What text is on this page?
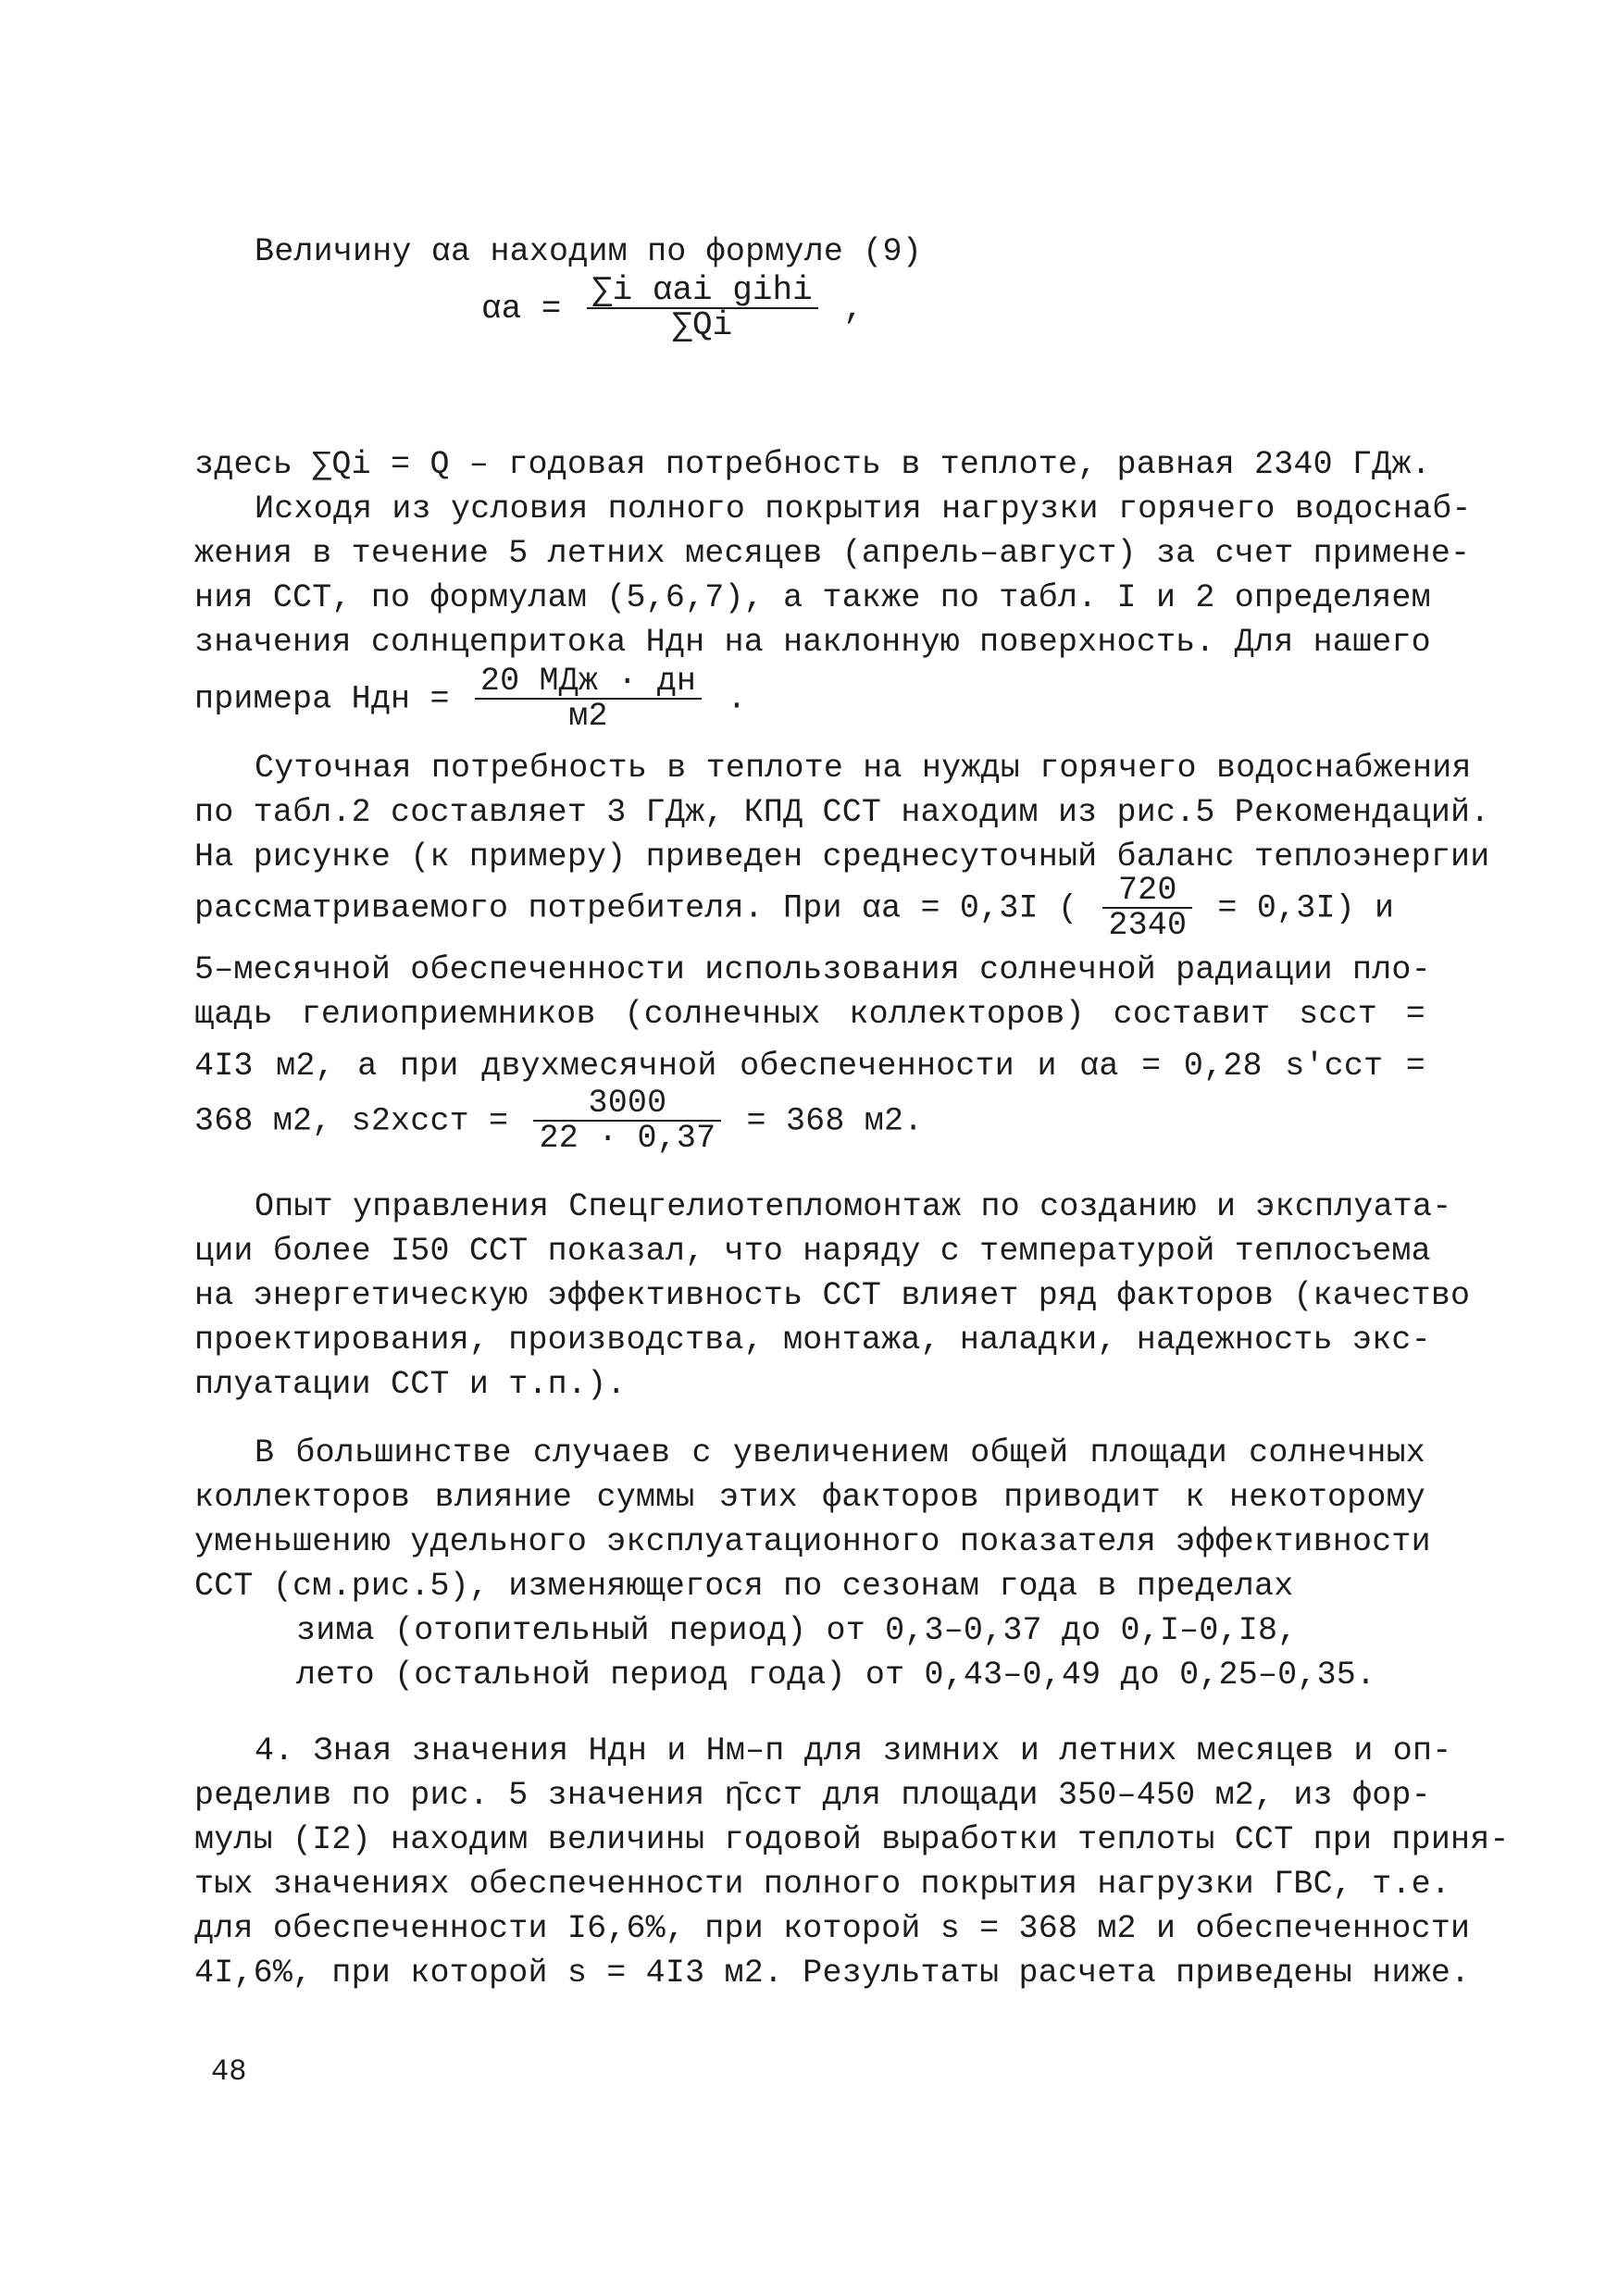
Величину αa находим по формуле (9)
$\alpha a = \frac{\text{∑i αai gihi}}{\sum Qi}$ ,
здесь ∑Qi = Q – годовая потребность в теплоте, равная 2340 ГДж.
Исходя из условия полного покрытия нагрузки горячего водоснаб-
жения в течение 5 летних месяцев (апрель–август) за счет примене-
ния ССТ, по формулам (5,6,7), а также по табл. I и 2 определяем
значения солнцепритока Hдн на наклонную поверхность. Для нашего
примера Hдн = $\frac{\text{20 МДж · дн}}{м2}$ .
Суточная потребность в теплоте на нужды горячего водоснабжения
по табл.2 составляет 3 ГДж, КПД ССТ находим из рис.5 Рекомендаций.
На рисунке (к примеру) приведен среднесуточный баланс теплоэнергии
рассматриваемого потребителя. При αa = 0,3I ( $\frac{720}{2340} = 0,3I$) и
5–месячной обеспеченности использования солнечной радиации пло-
щадь гелиоприемников (солнечных коллекторов) составит sсст =
4I3 м2, а при двухмесячной обеспеченности и αa = 0,28 s'сст =
368 м2, s2xсст = $\frac{3000}{22 \cdot 0,37} = 368$ м2.
Опыт управления Спецгелиотепломонтаж по созданию и эксплуата-
ции более I50 ССТ показал, что наряду с температурой теплосъема
на энергетическую эффективность ССТ влияет ряд факторов (качество
проектирования, производства, монтажа, наладки, надежность экс-
плуатации ССТ и т.п.).
В большинстве случаев с увеличением общей площади солнечных
коллекторов влияние суммы этих факторов приводит к некоторому
уменьшению удельного эксплуатационного показателя эффективности
ССТ (см.рис.5), изменяющегося по сезонам года в пределах
зима (отопительный период) от 0,3–0,37 до 0,I–0,I8,
лето (остальной период года) от 0,43–0,49 до 0,25–0,35.
4. Зная значения Hдн и Hм–п для зимних и летних месяцев и оп-
ределив по рис. 5 значения η̄сст для площади 350–450 м2, из фор-
мулы (I2) находим величины годовой выработки теплоты ССТ при приня-
тых значениях обеспеченности полного покрытия нагрузки ГВС, т.е.
для обеспеченности I6,6%, при которой s = 368 м2 и обеспеченности
4I,6%, при которой s = 4I3 м2. Результаты расчета приведены ниже.
48
